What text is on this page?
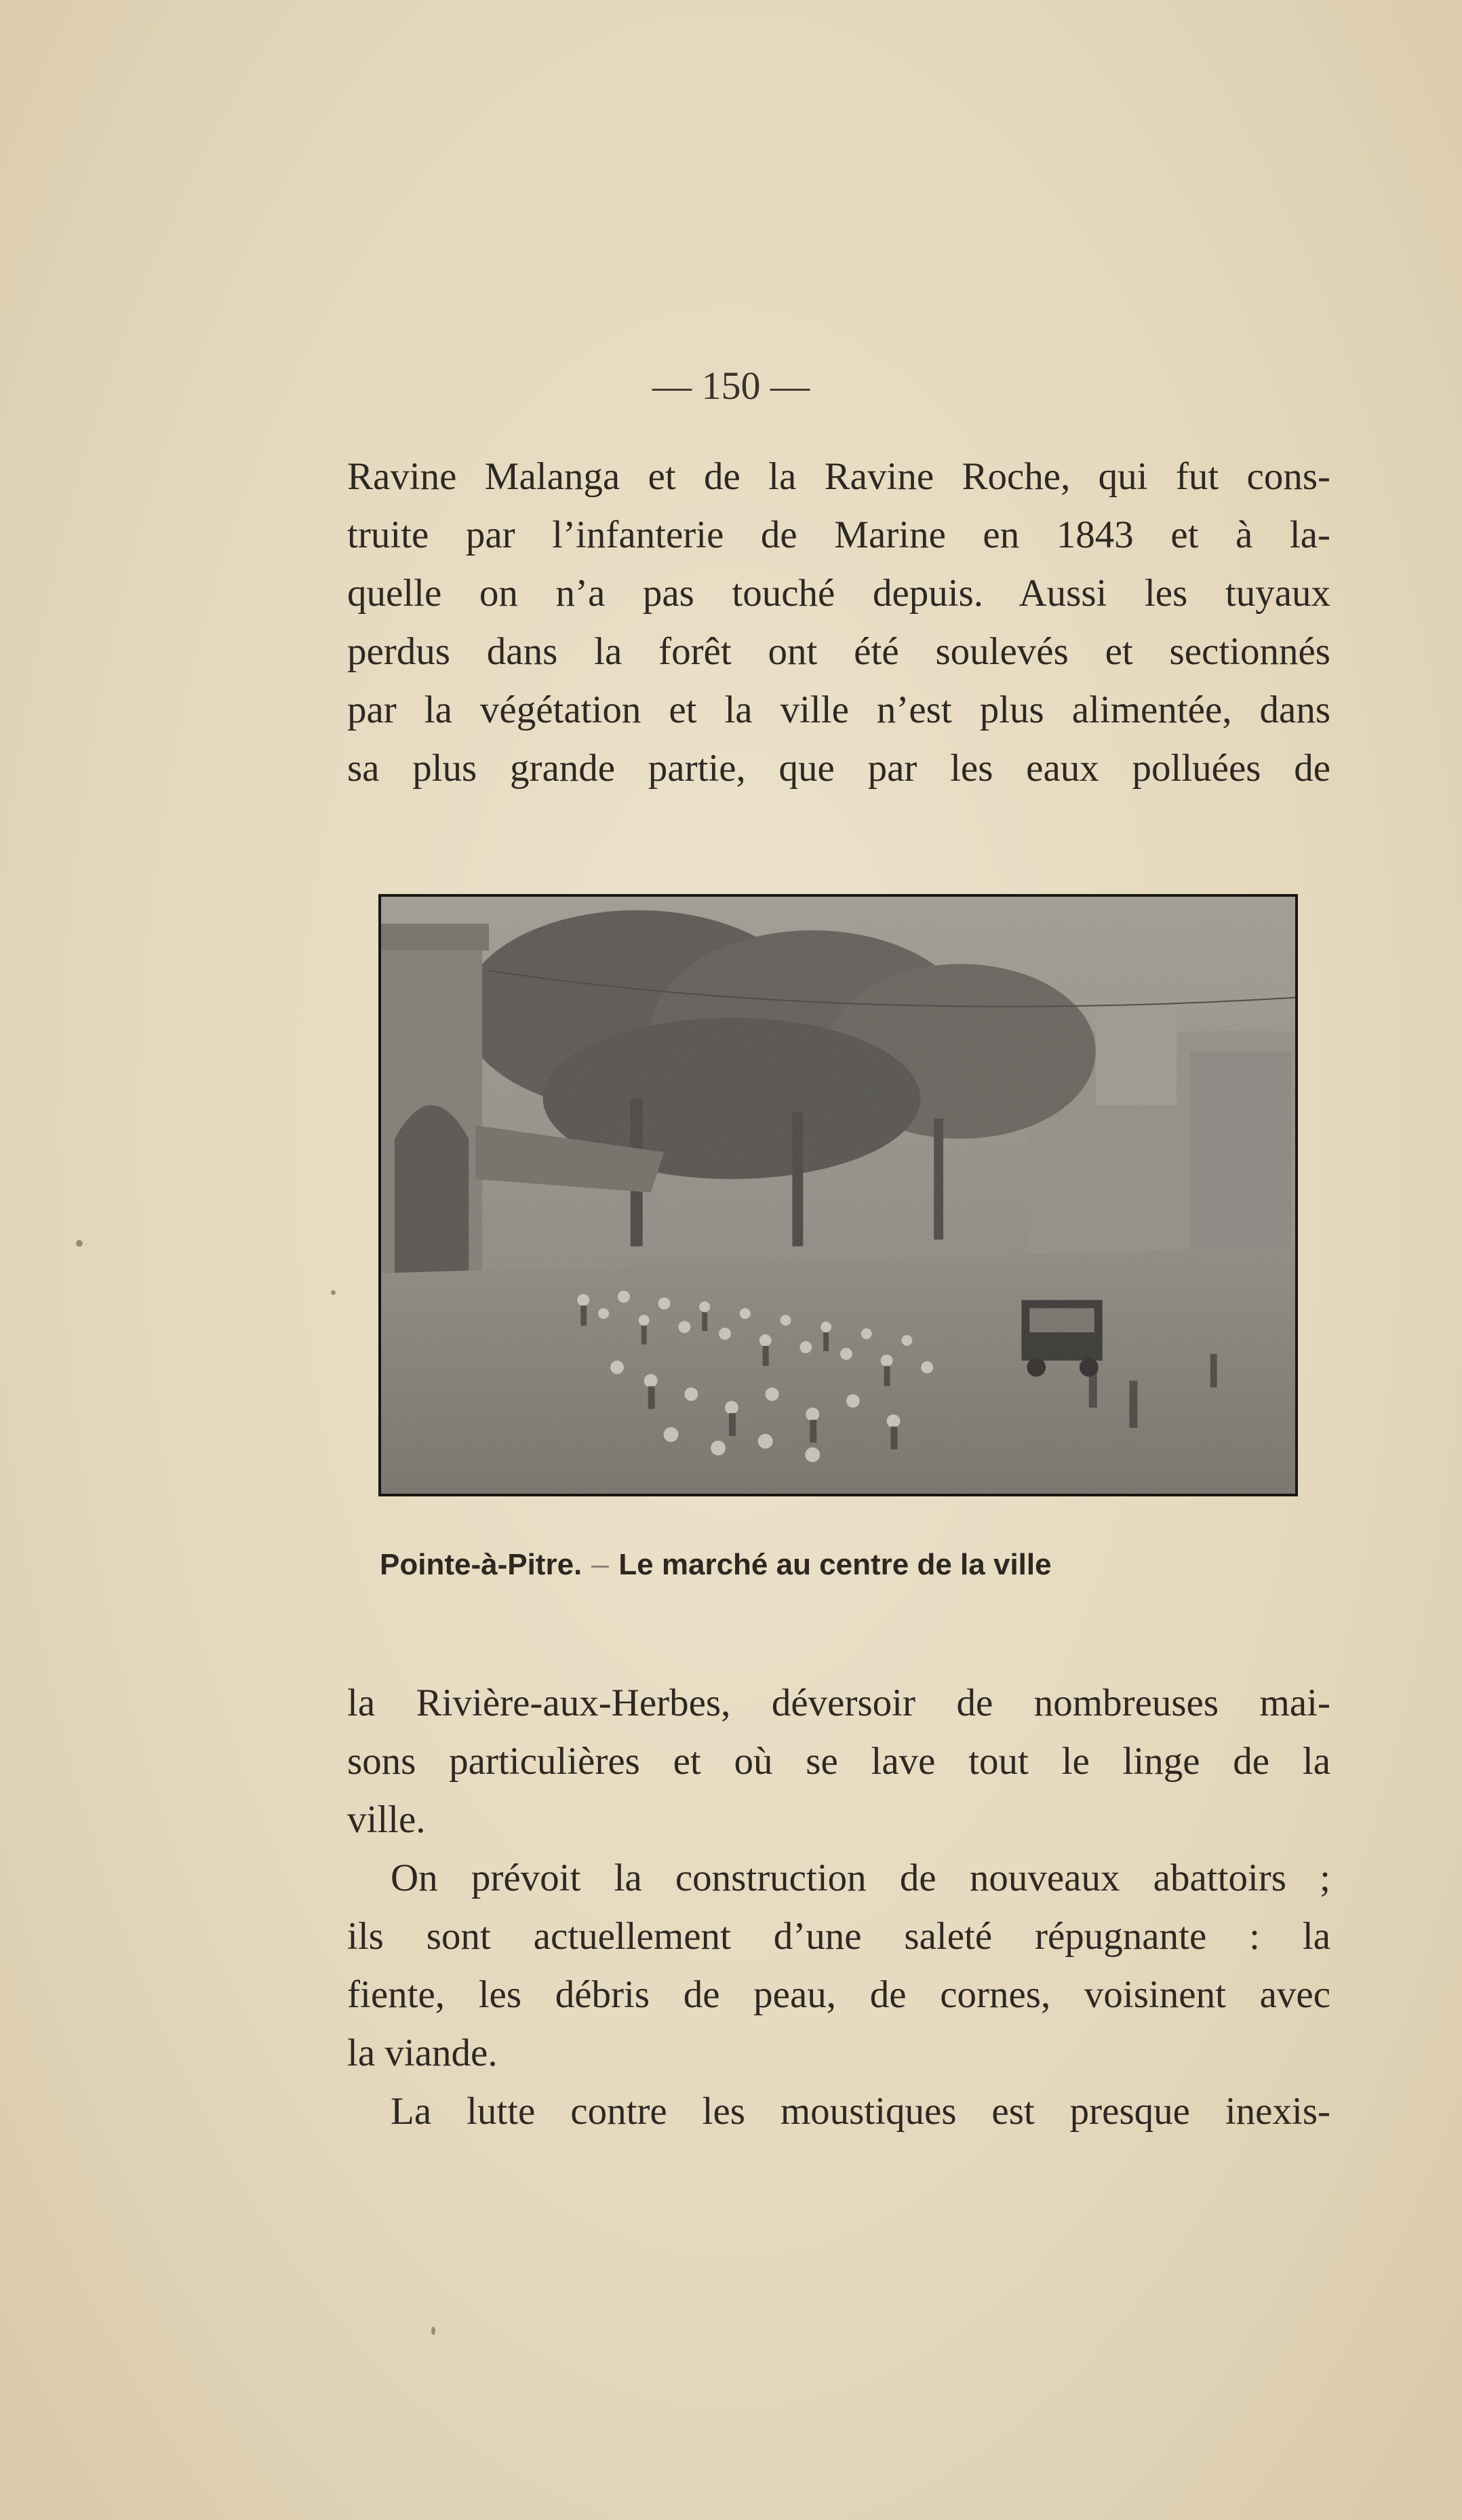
— 150 —
Ravine Malanga et de la Ravine Roche, qui fut cons-
truite par l’infanterie de Marine en 1843 et à la-
quelle on n’a pas touché depuis. Aussi les tuyaux
perdus dans la forêt ont été soulevés et sectionnés
par la végétation et la ville n’est plus alimentée, dans
sa plus grande partie, que par les eaux polluées de
Pointe-à-Pitre. Le marché au centre de la ville
la Rivière-aux-Herbes, déversoir de nombreuses mai-
sons particulières et où se lave tout le linge de la
ville.
On prévoit la construction de nouveaux abattoirs ;
ils sont actuellement d’une saleté répugnante : la
fiente, les débris de peau, de cornes, voisinent avec
la viande.
La lutte contre les moustiques est presque inexis-
